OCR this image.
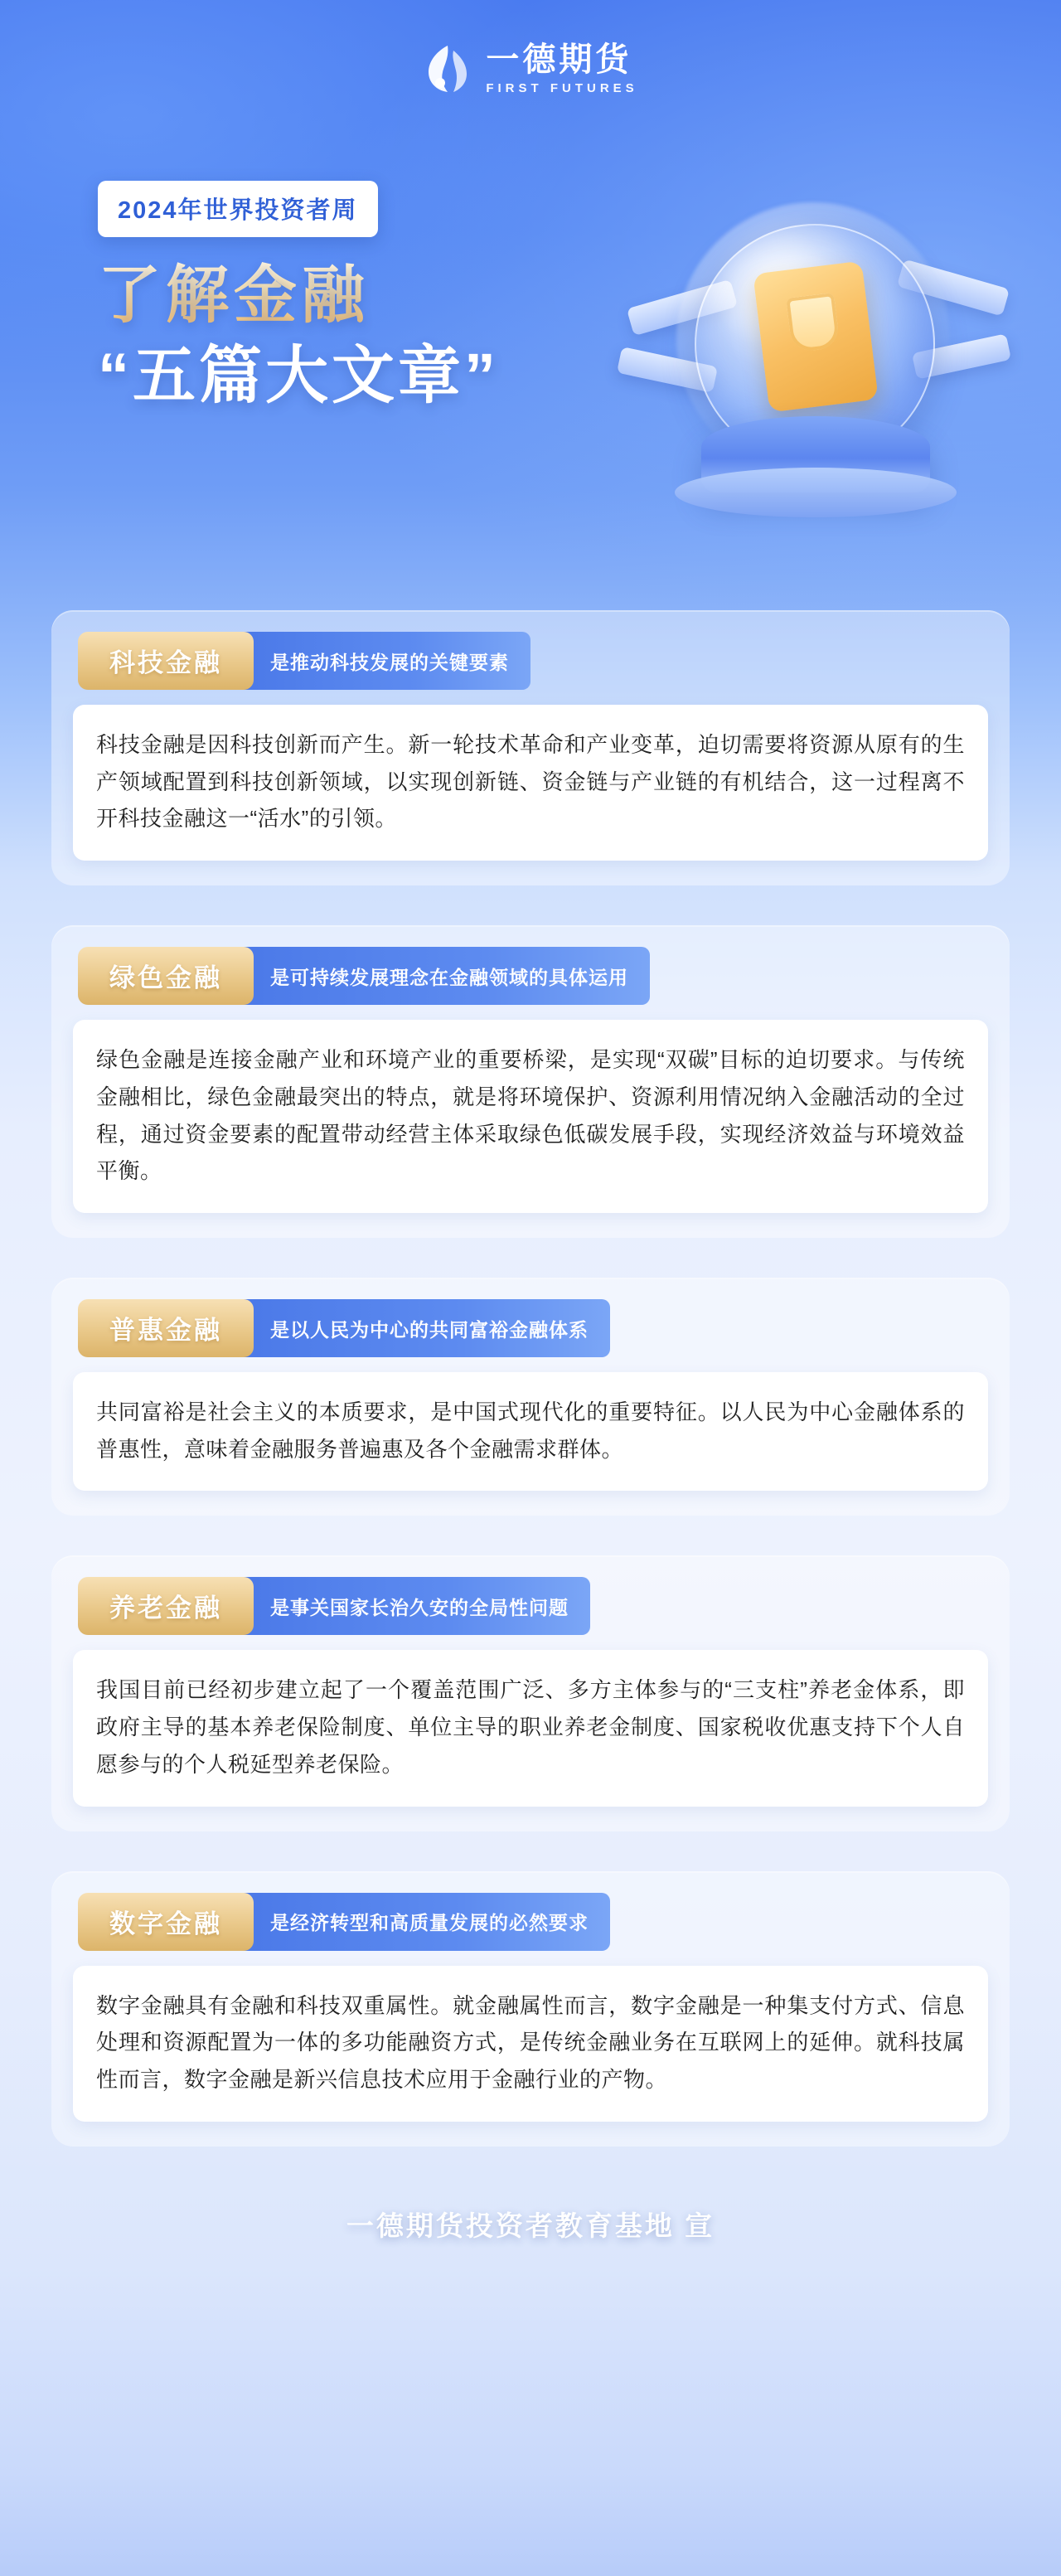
一德期货
FIRST FUTURES
2024年世界投资者周
了解金融
“五篇大文章”
科技金融	是推动科技发展的关键要素
科技金融是因科技创新而产生。新一轮技术革命和产业变革，迫切需要将资源从原有的生产领域配置到科技创新领域，以实现创新链、资金链与产业链的有机结合，这一过程离不开科技金融这一“活水”的引领。
绿色金融	是可持续发展理念在金融领域的具体运用
绿色金融是连接金融产业和环境产业的重要桥梁，是实现“双碳”目标的迫切要求。与传统金融相比，绿色金融最突出的特点，就是将环境保护、资源利用情况纳入金融活动的全过程，通过资金要素的配置带动经营主体采取绿色低碳发展手段，实现经济效益与环境效益平衡。
普惠金融	是以人民为中心的共同富裕金融体系
共同富裕是社会主义的本质要求，是中国式现代化的重要特征。以人民为中心金融体系的普惠性，意味着金融服务普遍惠及各个金融需求群体。
养老金融	是事关国家长治久安的全局性问题
我国目前已经初步建立起了一个覆盖范围广泛、多方主体参与的“三支柱”养老金体系，即政府主导的基本养老保险制度、单位主导的职业养老金制度、国家税收优惠支持下个人自愿参与的个人税延型养老保险。
数字金融	是经济转型和高质量发展的必然要求
数字金融具有金融和科技双重属性。就金融属性而言，数字金融是一种集支付方式、信息处理和资源配置为一体的多功能融资方式，是传统金融业务在互联网上的延伸。就科技属性而言，数字金融是新兴信息技术应用于金融行业的产物。
一德期货投资者教育基地 宣
